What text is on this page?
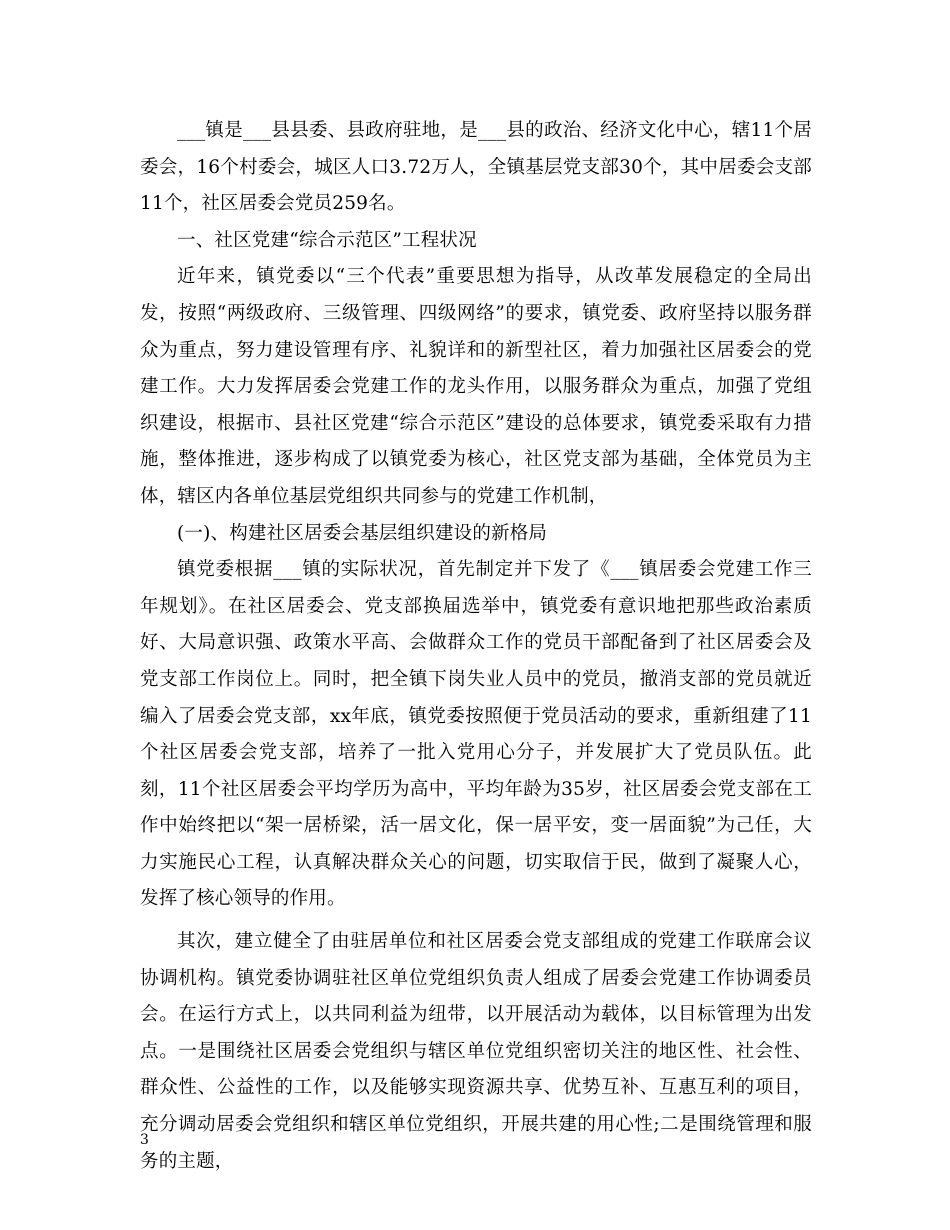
___镇是___县县委、县政府驻地，是___县的政治、经济文化中心，辖11个居委会，16个村委会，城区人口3.72万人，全镇基层党支部30个，其中居委会支部11个，社区居委会党员259名。

一、社区党建“综合示范区”工程状况

近年来，镇党委以“三个代表”重要思想为指导，从改革发展稳定的全局出发，按照“两级政府、三级管理、四级网络”的要求，镇党委、政府坚持以服务群众为重点，努力建设管理有序、礼貌详和的新型社区，着力加强社区居委会的党建工作。大力发挥居委会党建工作的龙头作用，以服务群众为重点，加强了党组织建设，根据市、县社区党建“综合示范区”建设的总体要求，镇党委采取有力措施，整体推进，逐步构成了以镇党委为核心，社区党支部为基础，全体党员为主体，辖区内各单位基层党组织共同参与的党建工作机制，

(一)、构建社区居委会基层组织建设的新格局

镇党委根据___镇的实际状况，首先制定并下发了《___镇居委会党建工作三年规划》。在社区居委会、党支部换届选举中，镇党委有意识地把那些政治素质好、大局意识强、政策水平高、会做群众工作的党员干部配备到了社区居委会及党支部工作岗位上。同时，把全镇下岗失业人员中的党员，撤消支部的党员就近编入了居委会党支部，xx年底，镇党委按照便于党员活动的要求，重新组建了11个社区居委会党支部，培养了一批入党用心分子，并发展扩大了党员队伍。此刻，11个社区居委会平均学历为高中，平均年龄为35岁，社区居委会党支部在工作中始终把以“架一居桥梁，活一居文化，保一居平安，变一居面貌”为己任，大力实施民心工程，认真解决群众关心的问题，切实取信于民，做到了凝聚人心，发挥了核心领导的作用。

其次，建立健全了由驻居单位和社区居委会党支部组成的党建工作联席会议协调机构。镇党委协调驻社区单位党组织负责人组成了居委会党建工作协调委员会。在运行方式上，以共同利益为纽带，以开展活动为载体，以目标管理为出发点。一是围绕社区居委会党组织与辖区单位党组织密切关注的地区性、社会性、群众性、公益性的工作，以及能够实现资源共享、优势互补、互惠互利的项目，充分调动居委会党组织和辖区单位党组织，开展共建的用心性;二是围绕管理和服务的主题，

3
